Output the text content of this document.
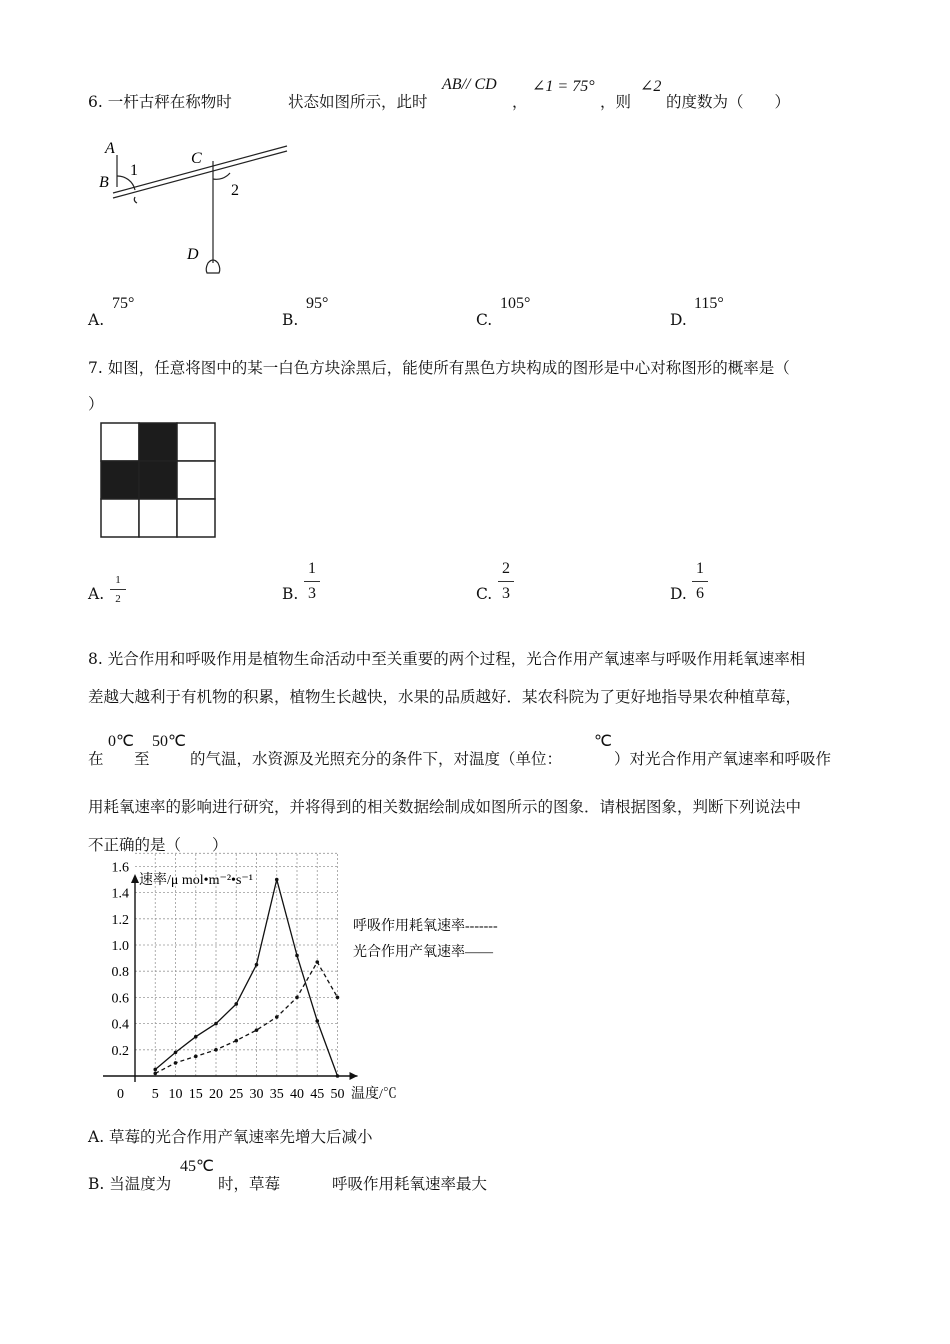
6. 一杆古秤在称物时	状态如图所示，此时
AB// CD
，
∠1 = 75°
，则
∠2
的度数为（　　）
A
B
1
C
2
D
A.
75°
B.
95°
C.
105°
D.
115°
7. 如图，任意将图中的某一白色方块涂黑后，能使所有黑色方块构成的图形是中心对称图形的概率是（
）
A.
1
2	B.
1
3	C.
2
3	D.
1
6
8. 光合作用和呼吸作用是植物生命活动中至关重要的两个过程，光合作用产氧速率与呼吸作用耗氧速率相
差越大越利于有机物的积累，植物生长越快，水果的品质越好．某农科院为了更好地指导果农种植草莓，
在
0℃
至
50℃
的气温，水资源及光照充分的条件下，对温度（单位：
℃
）对光合作用产氧速率和呼吸作
用耗氧速率的影响进行研究，并将得到的相关数据绘制成如图所示的图象．请根据图象，判断下列说法中
不正确的是（　　）
5 10 15 20 25 30 35 40 45 50
0.2
0.4
0.6
0.8
1.0
1.2
1.4
1.6
速率/μ mol•m⁻²•s⁻¹
温度/℃
0
呼吸作用耗氧速率 -------
光合作用产氧速率 ——
A. 草莓的光合作用产氧速率先增大后减小
B. 当温度为
45℃
时，草莓	呼吸作用耗氧速率最大
